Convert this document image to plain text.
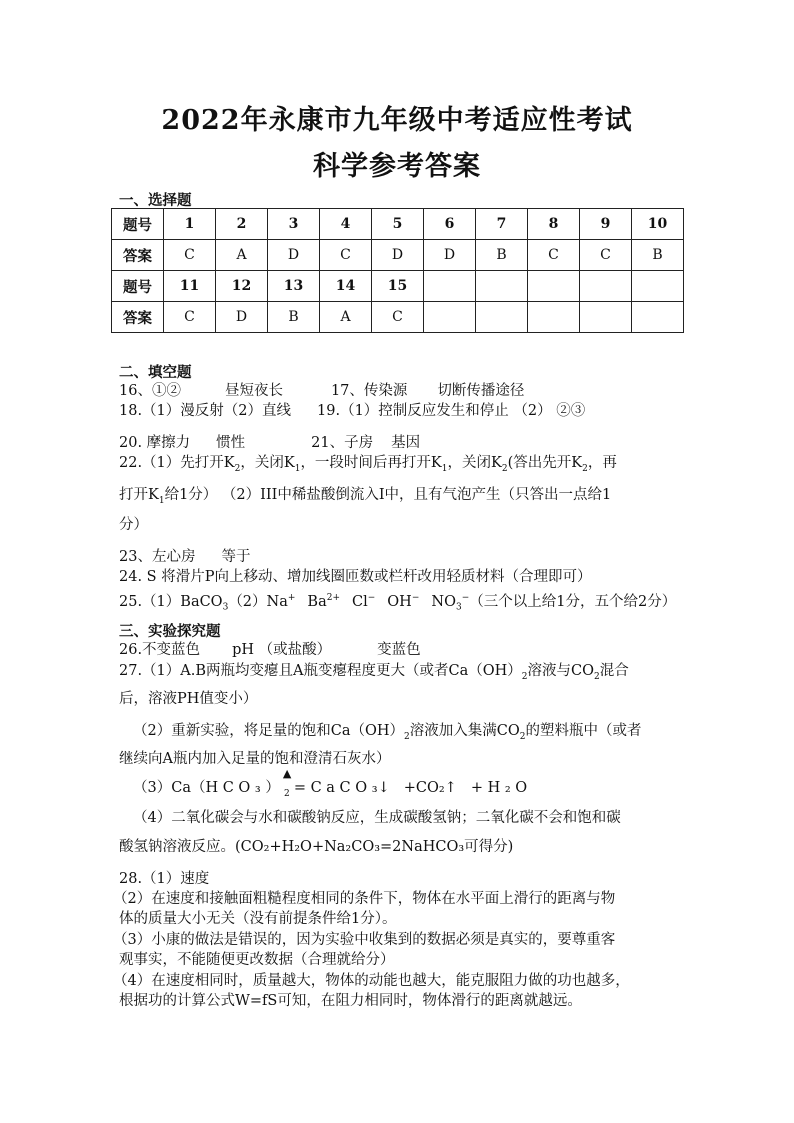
2022年永康市九年级中考适应性考试
科学参考答案
一、选择题
题号	1	2	3	4	5	6	7	8	9	10
答案	C	A	D	C	D	D	B	C	C	B
题号	11	12	13	14	15					
答案	C	D	B	A	C					
二、填空题
16、①②	昼短夜长	17、传染源 切断传播途径
18.（1）漫反射（2）直线 19.（1）控制反应发生和停止 （2） ②③
20. 摩擦力 惯性	21、子房 基因
22.（1）先打开$K_2$，关闭$K_1$，一段时间后再打开$K_1$，关闭$K_2$(答出先开$K_2$，再
打开$K_1$给1分） （2）III中稀盐酸倒流入Ⅰ中，且有气泡产生（只答出一点给1
分）
23、左心房 等于
24. S 将滑片P向上移动、增加线圈匝数或栏杆改用轻质材料（合理即可）
25.（1）BaCO$_3$（2）Na+ $Ba^{2+}$ Cl− OH− $NO_3^-$（三个以上给1分，五个给2分）
三、实验探究题
26.不变蓝色 pH （或盐酸）	变蓝色
27.（1）A.B两瓶均变瘪且A瓶变瘪程度更大（或者$Ca(OH)_2$溶液与$CO_2$混合
后，溶液PH值变小）
（2）重新实验，将足量的饱和$Ca(OH)_2$溶液加入集满$CO_2$的塑料瓶中（或者
继续向A瓶内加入足量的饱和澄清石灰水）
（3）Ca（H C O ₃ ）
▲
$_2$ = C a C O ₃↓ +CO₂↑ + H ₂ O
（4）二氧化碳会与水和碳酸钠反应，生成碳酸氢钠；二氧化碳不会和饱和碳
酸氢钠溶液反应。(CO₂+H₂O+Na₂CO₃=2NaHCO₃可得分)
28.（1）速度
（2）在速度和接触面粗糙程度相同的条件下，物体在水平面上滑行的距离与物
体的质量大小无关（没有前提条件给1分）。
（3）小康的做法是错误的，因为实验中收集到的数据必须是真实的，要尊重客
观事实，不能随便更改数据（合理就给分）
（4）在速度相同时，质量越大，物体的动能也越大，能克服阻力做的功也越多，
根据功的计算公式W=fS可知，在阻力相同时，物体滑行的距离就越远。
